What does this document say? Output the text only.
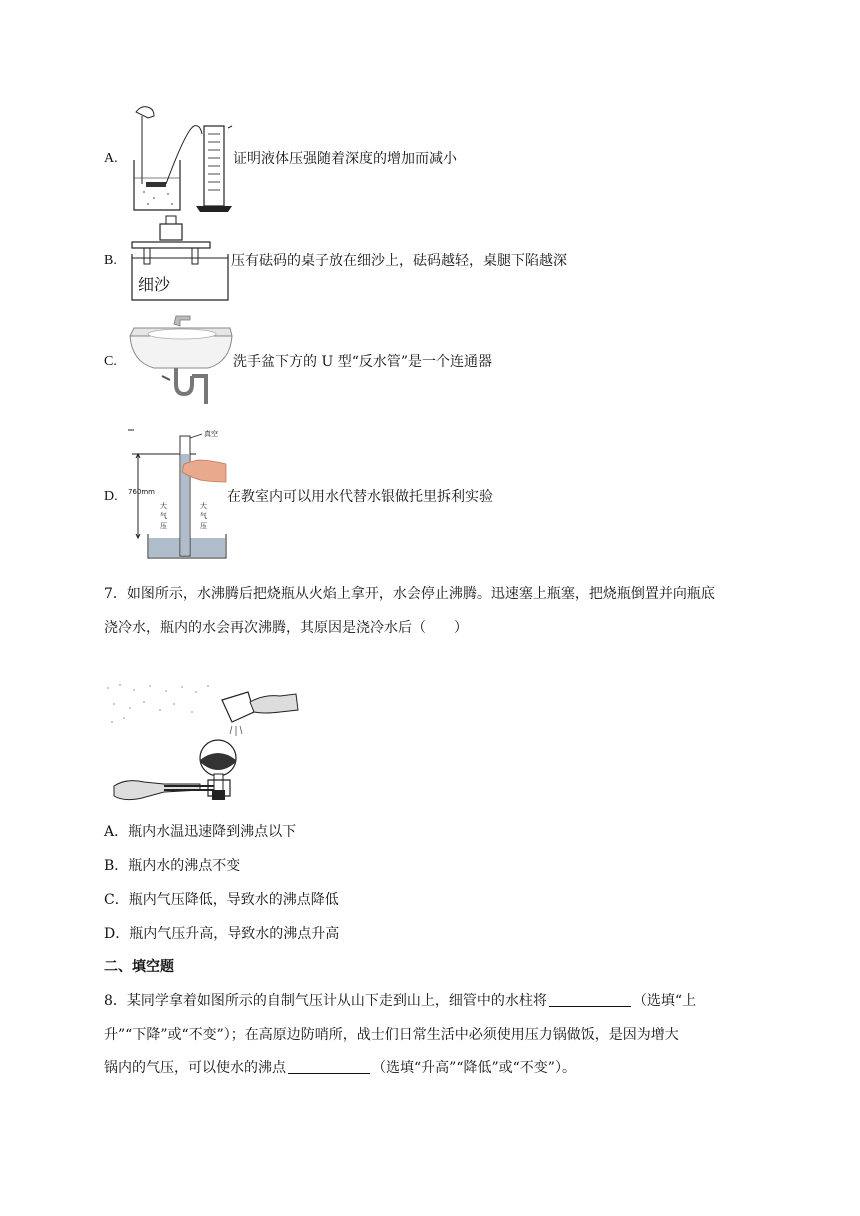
A.	证明液体压强随着深度的增加而减小
B.
细沙
压有砝码的桌子放在细沙上，砝码越轻，桌腿下陷越深
C.	洗手盆下方的 U 型“反水管”是一个连通器
D. 760mm
真空
大
气
压
大
气
压
在教室内可以用水代替水银做托里拆利实验
7．如图所示，水沸腾后把烧瓶从火焰上拿开，水会停止沸腾。迅速塞上瓶塞，把烧瓶倒置并向瓶底
浇冷水，瓶内的水会再次沸腾，其原因是浇冷水后（　　）
A．瓶内水温迅速降到沸点以下
B．瓶内水的沸点不变
C．瓶内气压降低，导致水的沸点降低
D．瓶内气压升高，导致水的沸点升高
二、填空题
8．某同学拿着如图所示的自制气压计从山下走到山上，细管中的水柱将	（选填“上
升”“下降”或“不变”）；在高原边防哨所，战士们日常生活中必须使用压力锅做饭，是因为增大
锅内的气压，可以使水的沸点	（选填“升高”“降低”或“不变”）。
